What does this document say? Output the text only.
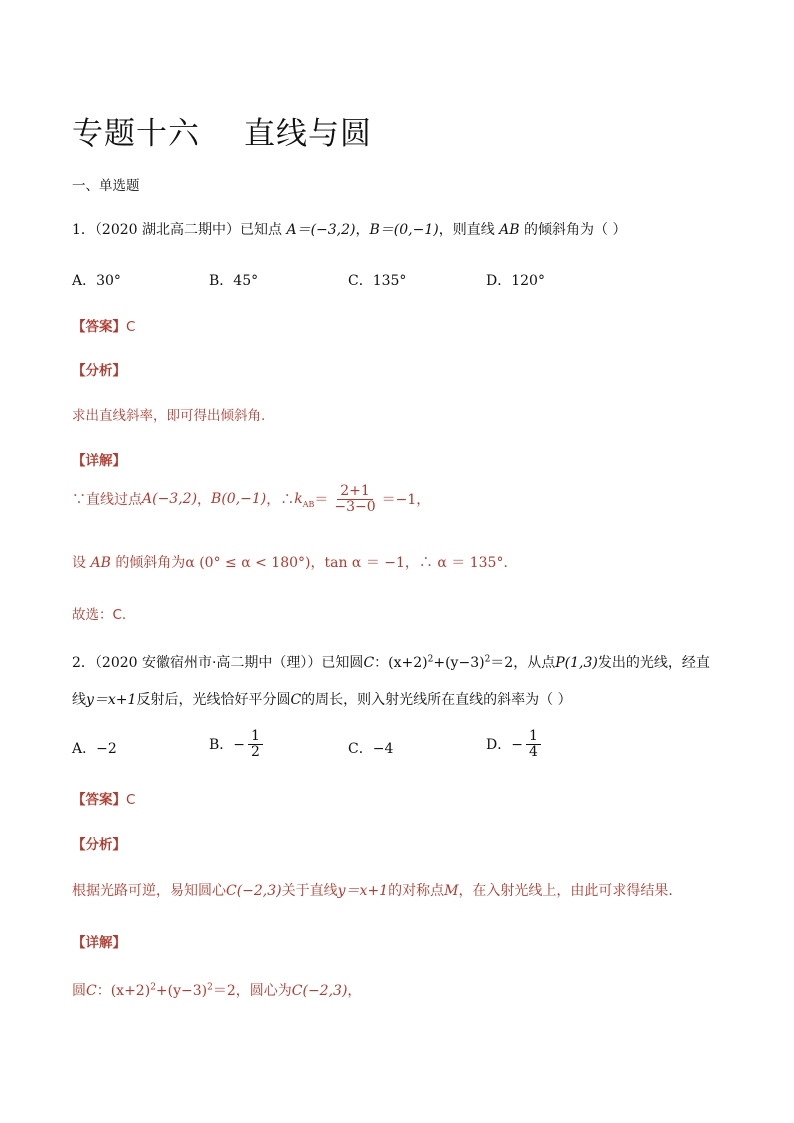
专题十六 直线与圆
一、单选题
1．（2020 湖北高二期中）已知点 A＝(−3,2)，B＝(0,−1)，则直线 AB 的倾斜角为（ ）
A．30°	B．45°	C．135°	D．120°
【答案】C
【分析】
求出直线斜率，即可得出倾斜角.
【详解】
∵直线过点 A(−3,2) ， B(0,−1) ，∴ $k_{AB} = \frac{2+1}{-3-0} =-1$，
设 AB 的倾斜角为α (0° ≤ α < 180°)，tan α ＝ −1，∴ α ＝ 135°．
故选：C.
2．（2020 安徽宿州市·高二期中（理））已知圆C：$(x+2)^2+(y-3)^2=2$，从点P(1,3)发出的光线，经直
线y＝x+1反射后，光线恰好平分圆C的周长，则入射光线所在直线的斜率为（ ）
A．−2	B．− $\frac{1}{2}$	C．−4	D．− $\frac{1}{4}$
【答案】C
【分析】
根据光路可逆，易知圆心C(−2,3)关于直线y＝x+1的对称点M，在入射光线上，由此可求得结果.
【详解】
圆C：$(x+2)^2+(y-3)^2=2$，圆心为C(−2,3)，
